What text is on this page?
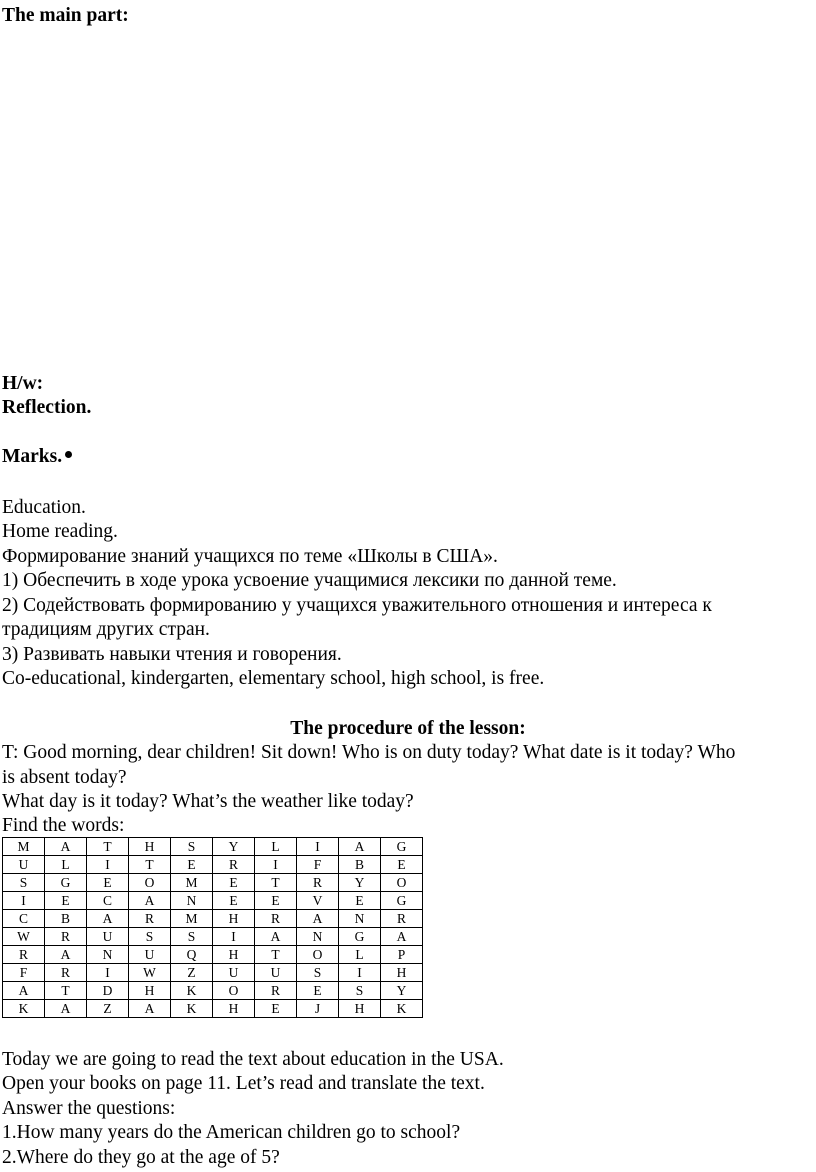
The main part:
H/w:
Reflection.
Marks.
Education.
Home reading.
Формирование знаний учащихся по теме «Школы в США».
1) Обеспечить в ходе урока усвоение учащимися лексики по данной теме.
2) Содействовать формированию у учащихся уважительного отношения и интереса к
традициям других стран.
3) Развивать навыки чтения и говорения.
Co-educational, kindergarten, elementary school, high school, is free.
The procedure of the lesson:
T: Good morning, dear children! Sit down! Who is on duty today? What date is it today? Who
is absent today?
What day is it today? What’s the weather like today?
Find the words:
M	A	T	H	S	Y	L	I	A	G
U	L	I	T	E	R	I	F	B	E
S	G	E	O	M	E	T	R	Y	O
I	E	C	A	N	E	E	V	E	G
C	B	A	R	M	H	R	A	N	R
W	R	U	S	S	I	A	N	G	A
R	A	N	U	Q	H	T	O	L	P
F	R	I	W	Z	U	U	S	I	H
A	T	D	H	K	O	R	E	S	Y
K	A	Z	A	K	H	E	J	H	K
Today we are going to read the text about education in the USA.
Open your books on page 11. Let’s read and translate the text.
Answer the questions:
1.How many years do the American children go to school?
2.Where do they go at the age of 5?
